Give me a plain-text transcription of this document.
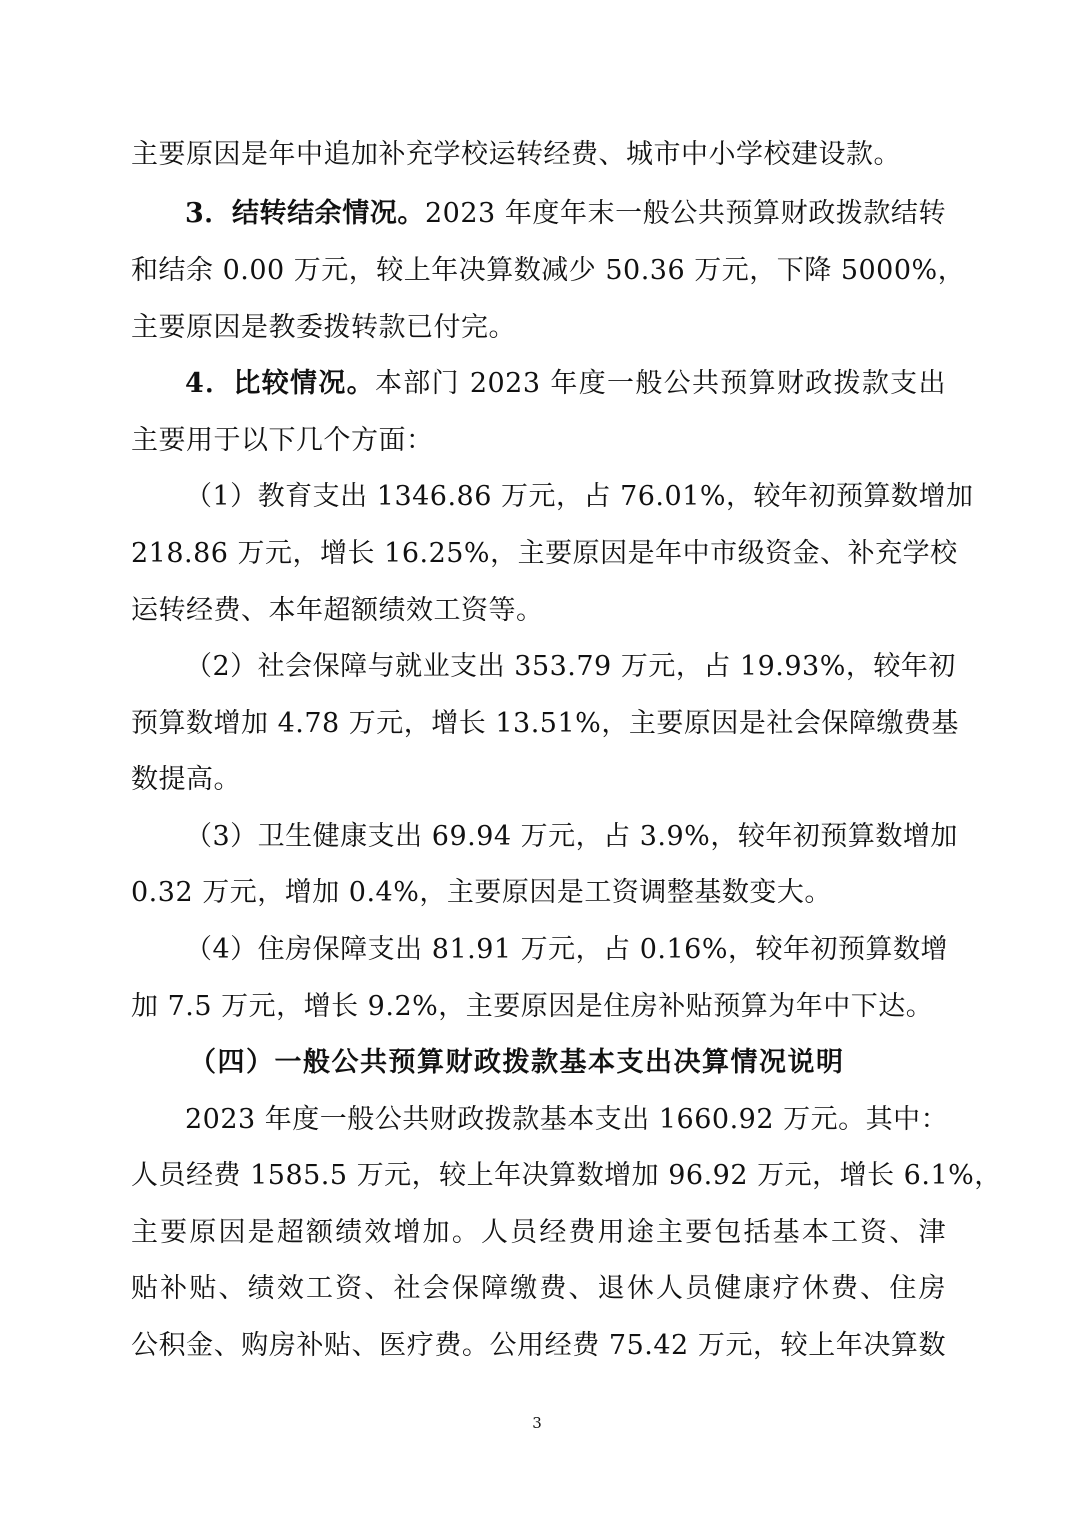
主要原因是年中追加补充学校运转经费、城市中小学校建设款。
3．结转结余情况。2023 年度年末一般公共预算财政拨款结转
和结余 0.00 万元，较上年决算数减少 50.36 万元，下降 5000%，
主要原因是教委拨转款已付完。
4．比较情况。本部门 2023 年度一般公共预算财政拨款支出
主要用于以下几个方面：
（1）教育支出 1346.86 万元，占 76.01%，较年初预算数增加
218.86 万元，增长 16.25%，主要原因是年中市级资金、补充学校
运转经费、本年超额绩效工资等。
（2）社会保障与就业支出 353.79 万元，占 19.93%，较年初
预算数增加 4.78 万元，增长 13.51%，主要原因是社会保障缴费基
数提高。
（3）卫生健康支出 69.94 万元，占 3.9%，较年初预算数增加
0.32 万元，增加 0.4%，主要原因是工资调整基数变大。
（4）住房保障支出 81.91 万元，占 0.16%，较年初预算数增
加 7.5 万元，增长 9.2%，主要原因是住房补贴预算为年中下达。
（四）一般公共预算财政拨款基本支出决算情况说明
2023 年度一般公共财政拨款基本支出 1660.92 万元。其中：
人员经费 1585.5 万元，较上年决算数增加 96.92 万元，增长 6.1%，
主要原因是超额绩效增加。人员经费用途主要包括基本工资、津
贴补贴、绩效工资、社会保障缴费、退休人员健康疗休费、住房
公积金、购房补贴、医疗费。公用经费 75.42 万元，较上年决算数
3
